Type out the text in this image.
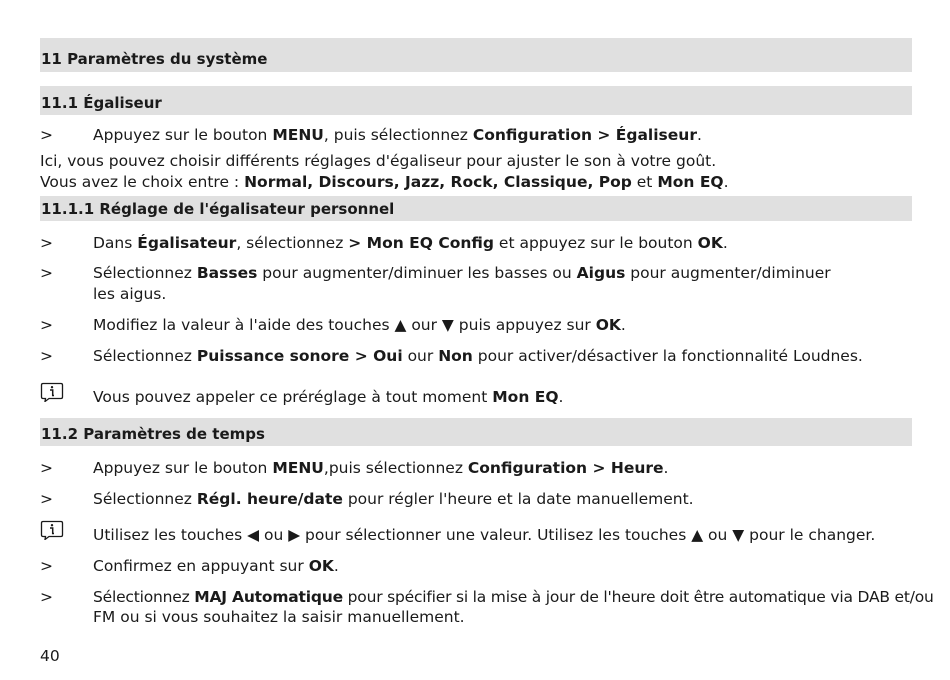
11 Paramètres du système
11.1 Égaliseur
>	Appuyez sur le bouton MENU, puis sélectionnez Configuration > Égaliseur.
Ici, vous pouvez choisir différents réglages d'égaliseur pour ajuster le son à votre goût.
Vous avez le choix entre : Normal, Discours, Jazz, Rock, Classique, Pop et Mon EQ.
11.1.1 Réglage de l'égalisateur personnel
>	Dans Égalisateur, sélectionnez > Mon EQ Config et appuyez sur le bouton OK.
>	Sélectionnez Basses pour augmenter/diminuer les basses ou Aigus pour augmenter/diminuer
les aigus.
>	Modifiez la valeur à l'aide des touches ▲ our ▼ puis appuyez sur OK.
>	Sélectionnez Puissance sonore > Oui our Non pour activer/désactiver la fonctionnalité Loudnes.
Vous pouvez appeler ce préréglage à tout moment Mon EQ.
11.2 Paramètres de temps
>	Appuyez sur le bouton MENU,puis sélectionnez Configuration > Heure.
>	Sélectionnez Régl. heure/date pour régler l'heure et la date manuellement.
Utilisez les touches ◀ ou ▶ pour sélectionner une valeur. Utilisez les touches ▲ ou ▼ pour le changer.
>	Confirmez en appuyant sur OK.
>	Sélectionnez MAJ Automatique pour spécifier si la mise à jour de l'heure doit être automatique via DAB et/ou
FM ou si vous souhaitez la saisir manuellement.
40
